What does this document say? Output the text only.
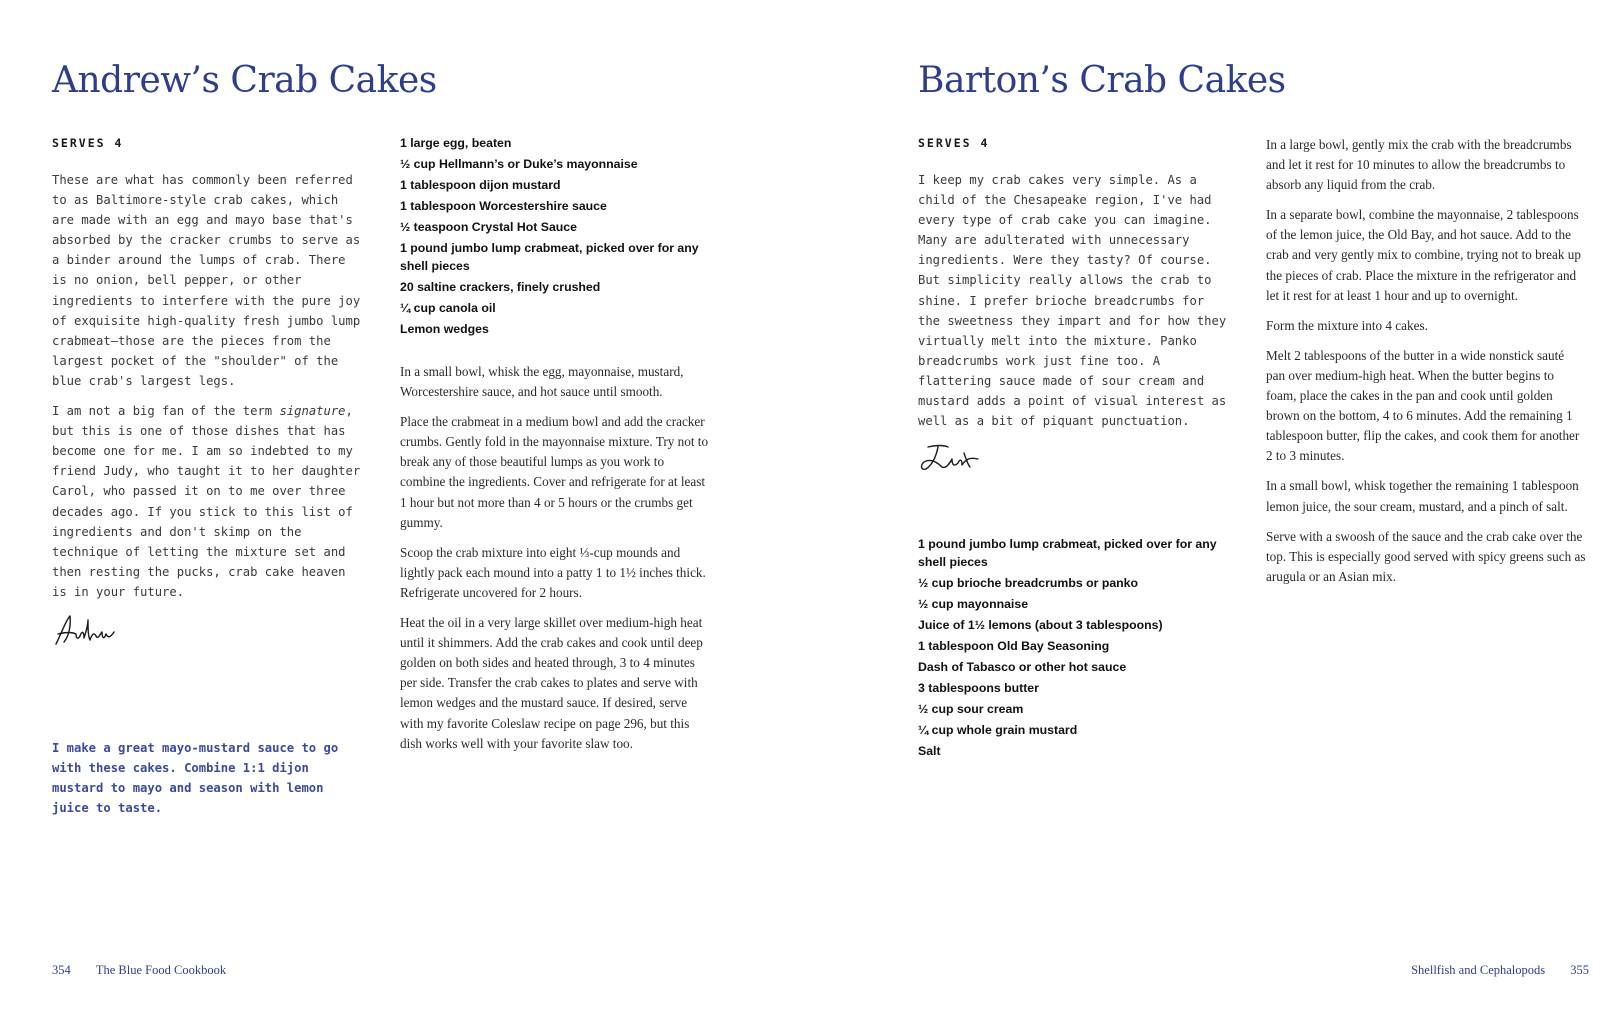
Andrew’s Crab Cakes
SERVES 4

These are what has commonly been referred to as Baltimore-style crab cakes, which are made with an egg and mayo base that's absorbed by the cracker crumbs to serve as a binder around the lumps of crab. There is no onion, bell pepper, or other ingredients to interfere with the pure joy of exquisite high-quality fresh jumbo lump crabmeat—those are the pieces from the largest pocket of the "shoulder" of the blue crab's largest legs.

I am not a big fan of the term signature, but this is one of those dishes that has become one for me. I am so indebted to my friend Judy, who taught it to her daughter Carol, who passed it on to me over three decades ago. If you stick to this list of ingredients and don't skimp on the technique of letting the mixture set and then resting the pucks, crab cake heaven is in your future.

I make a great mayo-mustard sauce to go with these cakes. Combine 1:1 dijon mustard to mayo and season with lemon juice to taste.

1 large egg, beaten
½ cup Hellmann’s or Duke’s mayonnaise
1 tablespoon dijon mustard
1 tablespoon Worcestershire sauce
½ teaspoon Crystal Hot Sauce
1 pound jumbo lump crabmeat, picked over for any shell pieces
20 saltine crackers, finely crushed
¼ cup canola oil
Lemon wedges

In a small bowl, whisk the egg, mayonnaise, mustard, Worcestershire sauce, and hot sauce until smooth.

Place the crabmeat in a medium bowl and add the cracker crumbs. Gently fold in the mayonnaise mixture. Try not to break any of those beautiful lumps as you work to combine the ingredients. Cover and refrigerate for at least 1 hour but not more than 4 or 5 hours or the crumbs get gummy.

Scoop the crab mixture into eight ⅓-cup mounds and lightly pack each mound into a patty 1 to 1½ inches thick. Refrigerate uncovered for 2 hours.

Heat the oil in a very large skillet over medium-high heat until it shimmers. Add the crab cakes and cook until deep golden on both sides and heated through, 3 to 4 minutes per side. Transfer the crab cakes to plates and serve with lemon wedges and the mustard sauce. If desired, serve with my favorite Coleslaw recipe on page 296, but this dish works well with your favorite slaw too.

354 The Blue Food Cookbook
Barton’s Crab Cakes
SERVES 4

I keep my crab cakes very simple. As a child of the Chesapeake region, I've had every type of crab cake you can imagine. Many are adulterated with unnecessary ingredients. Were they tasty? Of course. But simplicity really allows the crab to shine. I prefer brioche breadcrumbs for the sweetness they impart and for how they virtually melt into the mixture. Panko breadcrumbs work just fine too. A flattering sauce made of sour cream and mustard adds a point of visual interest as well as a bit of piquant punctuation.

1 pound jumbo lump crabmeat, picked over for any shell pieces
½ cup brioche breadcrumbs or panko
½ cup mayonnaise
Juice of 1½ lemons (about 3 tablespoons)
1 tablespoon Old Bay Seasoning
Dash of Tabasco or other hot sauce
3 tablespoons butter
½ cup sour cream
¼ cup whole grain mustard
Salt

In a large bowl, gently mix the crab with the breadcrumbs and let it rest for 10 minutes to allow the breadcrumbs to absorb any liquid from the crab.

In a separate bowl, combine the mayonnaise, 2 tablespoons of the lemon juice, the Old Bay, and hot sauce. Add to the crab and very gently mix to combine, trying not to break up the pieces of crab. Place the mixture in the refrigerator and let it rest for at least 1 hour and up to overnight.

Form the mixture into 4 cakes.

Melt 2 tablespoons of the butter in a wide nonstick sauté pan over medium-high heat. When the butter begins to foam, place the cakes in the pan and cook until golden brown on the bottom, 4 to 6 minutes. Add the remaining 1 tablespoon butter, flip the cakes, and cook them for another 2 to 3 minutes.

In a small bowl, whisk together the remaining 1 tablespoon lemon juice, the sour cream, mustard, and a pinch of salt.

Serve with a swoosh of the sauce and the crab cake over the top. This is especially good served with spicy greens such as arugula or an Asian mix.

Shellfish and Cephalopods 355
